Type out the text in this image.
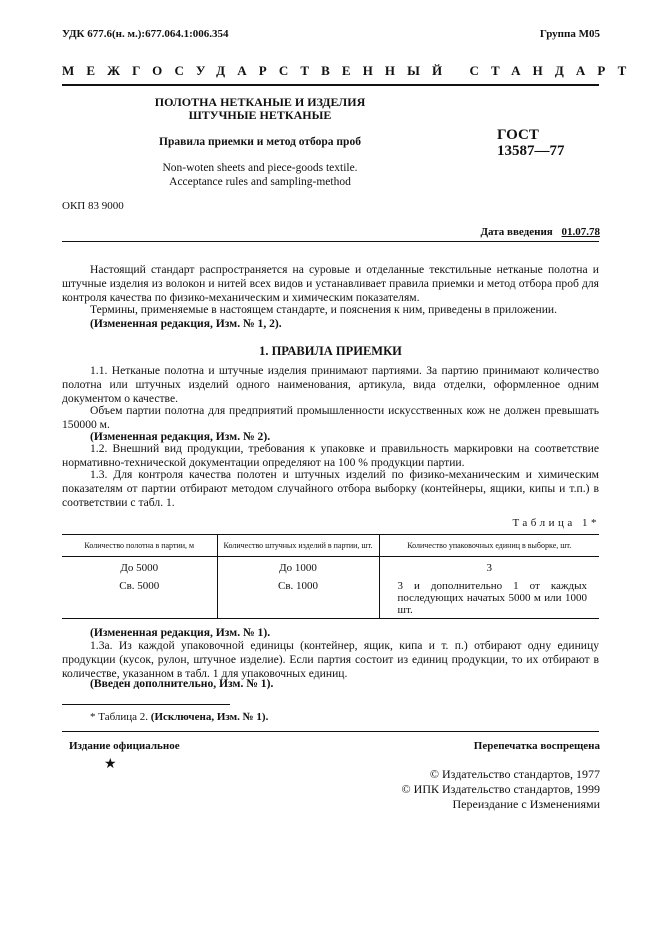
УДК 677.6(н. м.):677.064.1:006.354	Группа М05
МЕЖГОСУДАРСТВЕННЫЙ СТАНДАРТ
ПОЛОТНА НЕТКАНЫЕ И ИЗДЕЛИЯ
ШТУЧНЫЕ НЕТКАНЫЕ
Правила приемки и метод отбора проб
Non-woten sheets and piece-goods textile.
Acceptance rules and sampling-method
ГОСТ
13587—77
ОКП 83 9000
Дата введения 01.07.78

Настоящий стандарт распространяется на суровые и отделанные текстильные нетканые полотна и штучные изделия из волокон и нитей всех видов и устанавливает правила приемки и метод отбора проб для контроля качества по физико-механическим и химическим показателям.

Термины, применяемые в настоящем стандарте, и пояснения к ним, приведены в приложении.

(Измененная редакция, Изм. № 1, 2).

1. ПРАВИЛА ПРИЕМКИ

1.1. Нетканые полотна и штучные изделия принимают партиями. За партию принимают количество полотна или штучных изделий одного наименования, артикула, вида отделки, оформленное одним документом о качестве.

Объем партии полотна для предприятий промышленности искусственных кож не должен превышать 150000 м.

(Измененная редакция, Изм. № 2).

1.2. Внешний вид продукции, требования к упаковке и правильность маркировки на соответствие нормативно-технической документации определяют на 100 % продукции партии.

1.3. Для контроля качества полотен и штучных изделий по физико-механическим и химическим показателям от партии отбирают методом случайного отбора выборку (контейнеры, ящики, кипы и т.п.) в соответствии с табл. 1.

Таблица 1*
Количество полотна в партии, м	Количество штучных изделий в партии, шт.	Количество упаковочных единиц в выборке, шт.
До 5000	До 1000	3
Св. 5000	Св. 1000	3 и дополнительно 1 от каждых последующих начатых 5000 м или 1000 шт.

(Измененная редакция, Изм. № 1).

1.3а. Из каждой упаковочной единицы (контейнер, ящик, кипа и т. п.) отбирают одну единицу продукции (кусок, рулон, штучное изделие). Если партия состоит из единиц продукции, то их отбирают в количестве, указанном в табл. 1 для упаковочных единиц.

(Введен дополнительно, Изм. № 1).

* Таблица 2. (Исключена, Изм. № 1).
Издание официальное	Перепечатка воспрещена
★
© Издательство стандартов, 1977
© ИПК Издательство стандартов, 1999
Переиздание с Изменениями
